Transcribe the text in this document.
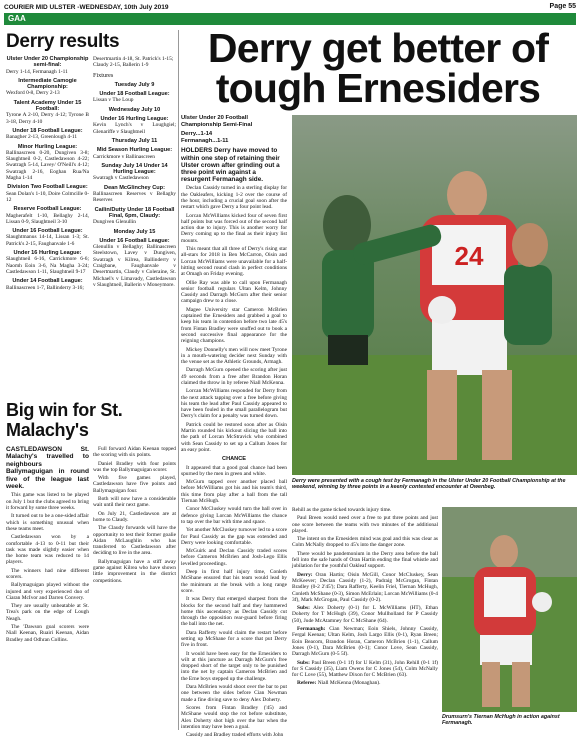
COURIER MID ULSTER -WEDNESDAY, 10th July 2019	Page 55
GAA
Derry results
Ulster Under 20 Championship semi-final:
Derry 1-14, Fermanagh 1-11
Intermediate Camogie Championship:
Wexford 0-8, Derry 2-13
Talent Academy Under 15 Football:
Tyrone A 2-10, Derry 4-12; Tyrone B 3-18, Derry 4-10
Under 18 Football League:
Banagher 2-13, Greenlough 4-11
Minor Hurling League:
Ballinascreen 0-20, Dungiven 3-8; Slaughtneil 0-2, Castledawson 4-22; Swatragh 5-14, Lavey/ O'Neill's 4-12; Swatragh 2-16, Eoghan Rua/Na Magha 1-14
Division Two Football League:
Sean Dolan's 1-10, Doire Colmcille 0-12
Reserve Football League:
Magherafelt 1-10, Bellaghy 2-14, Lissan 0-9, Slaughtneil 3-10
Under 16 Football League:
Slaughtmanus 14-14, Lissan 1-3; St. Patrick's 2-15, Faughanvale 1-6
Under 16 Hurling League:
Slaughtneil 6-16, Carrickmore 6-6; Naomh Eoin 3-6, Na Magha 3-24; Castledawson 1-11, Slaughtneil 9-17
Under 14 Football League:
Ballinascreen 1-7, Ballinderry 3-16;
Desertmartin 4-18, St. Patrick's 1-15; Claudy 2-15, Ballerin 1-9
Fixtures
Tuesday July 9
Under 18 Football League:
Lissan v The Loup
Wednesday July 10
Under 16 Hurling League:
Kevin Lynch's v Loughgiel; Glenariffe v Slaughtneil
Thursday July 11
Mid Season Hurling League:
Carrickmore v Ballinascreen
Sunday July 14 Under 14 Hurling League:
Swatragh v Castledawson
Dean McGlinchey Cup:
Ballinascreen Reserves v Bellaghy Reserves
Cailin/Dutty Under 18 Football Final, 6pm, Claudy:
Dungiven Glenullin
Monday July 15
Under 16 Football League:
Glenullin v Bellaghy; Ballinascreen Steelstown, Lavey v Dungiven, Swatragh v Kilrea, Ballinderry v Craigbane, Faughanvale v Desertmartin, Claudy v Coleraine, St. Michael's v Limavady, Castledawson v Slaughtneil, Ballerin v Moneymore.
Derry get better of tough Ernesiders
Ulster Under 20 Football Championship Semi-Final
Derry...1-14
Fermanagh...1-11
HOLDERS Derry have moved to within one step of retaining their Ulster crown after grinding out a three point win against a resurgent Fermanagh side.

Declan Cassidy turned in a sterling display for the Oakleafers, kicking 1-2 over the course of the hour, including a crucial goal soon after the restart which gave Derry a four point lead.

Lorcan McWilliams kicked four of seven first half points but was forced out of the second half action due to injury. This is another worry for Derry coming up to the final as their injury list mounts.

This meant that all three of Derry's rising star all-stars for 2018 in Ben McCarron, Oisin and Lorcan McWilliams were unavailable for a half-hitting second round clash in perfect conditions at Omagh on Friday evening.

Ollie Ray was able to call upon Fermanagh senior football regulars Ultan Kelm, Johnny Cassidy and Darragh McGurn after their senior campaign drew to a close.

Magee University star Cameron McBrien captained the Ernesiders and grabbed a goal to keep his team in contention before two late 45's from Fintan Bradley were snuffed out to book a second successive final appearance for the reigning champions.

Mickey Donnelly's men will now meet Tyrone in a mouth-watering decider next Sunday with the venue set as the Athletic Grounds, Armagh.

Darragh McGurn opened the scoring after just 49 seconds from a free after Brandon Horan claimed the throw in by referee Niall McKenna.

Lorcan McWilliams responded for Derry from the next attack tapping over a free before giving his team the lead after Paul Cassidy appeared to have been fouled in the small parallelogram but Derry's claim for a penalty was turned down.

Patrick could be restored soon after as Oisin Martin rounded his kickout slicing the ball into the path of Lorcan McStravick who combined with Sean Cassidy to set up a Callum Jones for an easy point.

CHANCE

It appeared that a good goal chance had been spurned by the men in green and white.

McGurn tapped over another placed ball before McWilliams got his and his team's third, this time from play after a ball from the tall Tiernan McHugh.

Conor McCluskey would turn the ball over in defence giving Lorcan McWilliams the chance to tap over the bar with time and space.

Yet another McCluskey turnover led to a score for Paul Cassidy as the gap was extended and Derry were looking comfortable.

McGuirk and Declan Cassidy traded scores before Cameron McBrien and Josh-Lego Ellis levelled proceedings.

Deep in first half injury time, Conleth McShane ensured that his team would lead by the minimum at the break with a long range score.

It was Derry that emerged sharpest from the blocks for the second half and they hammered home this ascendancy as Declan Cassidy cut through the opposition rear-guard before firing the ball into the net.

Dara Rafferty would claim the restart before setting up McShane for a score that put Derry five in front.

It would have been easy for the Ernesiders to wilt at this juncture as Darragh McGurn's free dropped short of the target only to be punished into the net by captain Cameron McBrien and the Erne boys stepped up the challenge.

Dara McBrien would shoot over the bar to put one between the sides before Cian Newman made a fine diving save to deny Alex Doherty.

Scores from Fintan Bradley ('45) and McShane would stop the rot before substitute, Alex Doherty shot high over the bar when the intention may have been a goal.

Cassidy and Bradley traded efforts with John

24
Derry were presented with a cough test by Fermanagh in the Ulster Under 20 Football Championship at the weekend, winning by three points in a keenly contested encounter at Owenbeg.

Rehill as the game ticked towards injury time.

Paul Breen would need over a free to put three points and just one score between the teams with two minutes of the additional played.

The intent on the Ernesiders mind was goal and this was clear as Colm McNally dropped to 45's into the danger zone.

There would be pandemonium in the Derry area before the ball fell into the safe hands of Oran Hartin ending the final whistle and jubilation for the youthful Oakleaf support.

Derry: Oran Hartin; Oisin McGill, Conor McCluskey, Sean McKeever; Declan Cassidy (1-2), Padraig McGrogan, Fintan Bradley (0-2 2'45'); Dara Rafferty, Keelin Friel, Tiernan McHugh, Conleth McShane (0-3), Simon McErlain; Lorcan McWilliams (0-4 3f), Mark McGrogan, Paul Cassidy (0-2).

Subs: Alex Doherty (0-1) for L McWilliams (HT), Ethan Doherty for T McHugh (39), Conor Mullholland for P Cassidy (50), Jude McAtamney for C McShane (64).

Fermanagh: Cian Newman; Eoin Shiels, Johnny Cassidy, Fergal Keenan; Ultan Kelm, Josh Largo Ellis (0-1), Ryan Breen; Eoin Beacom, Brandon Horan, Cameron McBrien (1-1), Callum Jones (0-1), Dara McBrien (0-1); Conor Love, Sean Cassidy, Darragh McGurn (0-5 5f).

Subs: Paul Breen (0-1 1f) for U Kelm (31), John Rehill (0-1 1f) for S Cassidy (35), Liam Owens for C Jones (54), Colm McNally for C Love (55), Matthew Dixon for C McBrien (63).

Referee: Niall McKenna (Monaghan).

Drumsurn's Tiernan McHugh in action against Fermanagh.
Big win for St. Malachy's

CASTLEDAWSON St. Malachy's travelled to neighbours Ballymaguigan in round five of the league last week.

This game was listed to be played on July 1 but the clubs agreed to bring it forward by some three weeks.

It turned out to be a one-sided affair which is something unusual when these teams meet.

Castledawson won by a comfortable 4-13 to 0-11 but their task was made slightly easier when the home team was reduced to 14 players.

The winners had nine different scorers.

Ballymaguigan played without the injured and very experienced duo of Ciaran McIvor and Darren Convery.

They are usually unbeatable at St. Trea's park on the edge of Lough Neagh.

The 'Dawson goal scorers were Niall Keenan, Ruairi Keenan, Aidan Bradley and Odhran Collins.

Full forward Aidan Keenan topped the scoring with six points.

Daniel Bradley with four points was the top Ballymaguigan scorer.

With five games played, Castledawson have five points and Ballymaguigan four.

Both will now have a considerable wait until their next game.

On July 21, Castledawson are at home to Claudy.

The Claudy forwards will have the opportunity to test their former goalie Aidan McLaughlin who has transferred to Castledawson after deciding to live in the area.

Ballymaguigan have a stiff away game against Kilrea who have shown little improvement in the district competitions.
